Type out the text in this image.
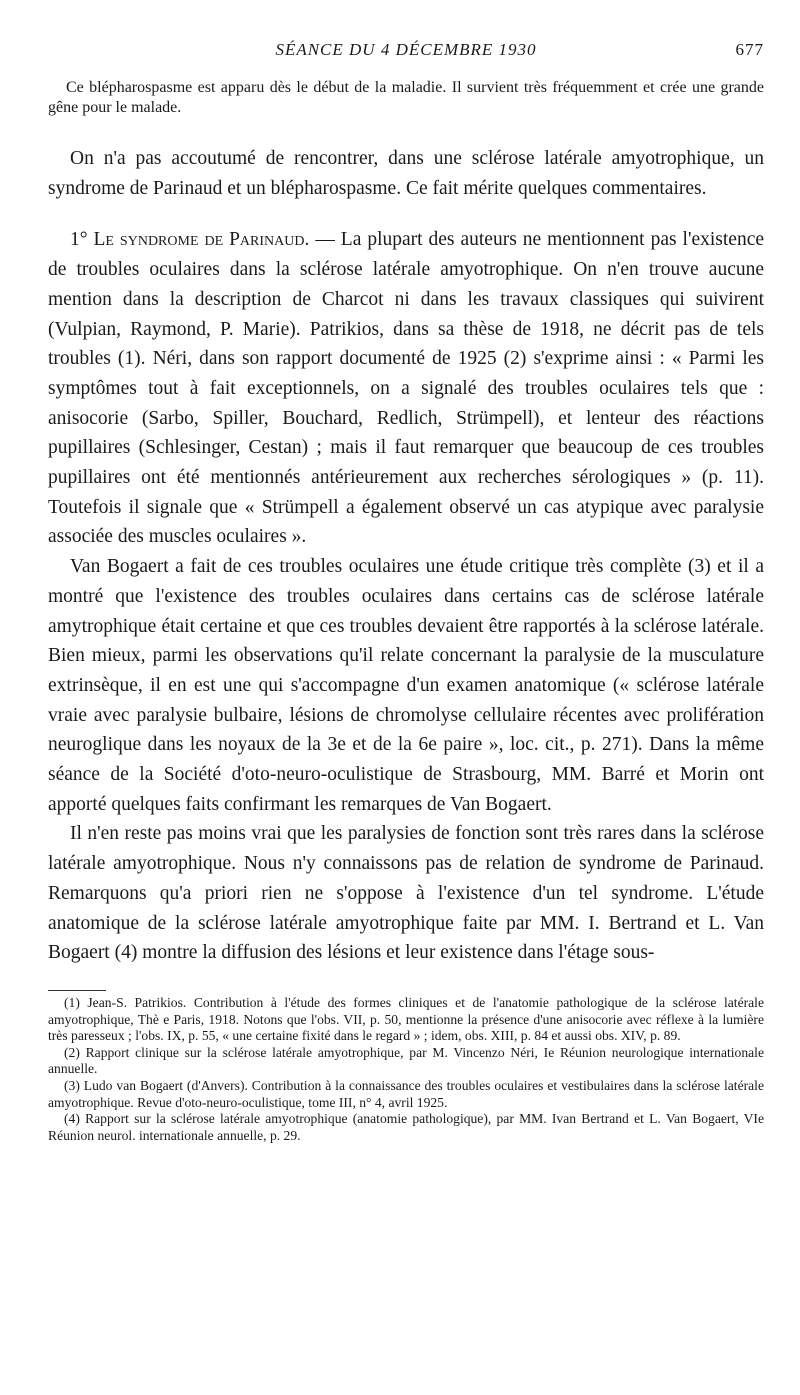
SÉANCE DU 4 DÉCEMBRE 1930	677

Ce blépharospasme est apparu dès le début de la maladie. Il survient très fréquemment et crée une grande gêne pour le malade.

On n'a pas accoutumé de rencontrer, dans une sclérose latérale amyotrophique, un syndrome de Parinaud et un blépharospasme. Ce fait mérite quelques commentaires.

1° Le syndrome de Parinaud. — La plupart des auteurs ne mentionnent pas l'existence de troubles oculaires dans la sclérose latérale amyotrophique. On n'en trouve aucune mention dans la description de Charcot ni dans les travaux classiques qui suivirent (Vulpian, Raymond, P. Marie). Patrikios, dans sa thèse de 1918, ne décrit pas de tels troubles (1). Néri, dans son rapport documenté de 1925 (2) s'exprime ainsi : « Parmi les symptômes tout à fait exceptionnels, on a signalé des troubles oculaires tels que : anisocorie (Sarbo, Spiller, Bouchard, Redlich, Strümpell), et lenteur des réactions pupillaires (Schlesinger, Cestan) ; mais il faut remarquer que beaucoup de ces troubles pupillaires ont été mentionnés antérieurement aux recherches sérologiques » (p. 11). Toutefois il signale que « Strümpell a également observé un cas atypique avec paralysie associée des muscles oculaires ».

Van Bogaert a fait de ces troubles oculaires une étude critique très complète (3) et il a montré que l'existence des troubles oculaires dans certains cas de sclérose latérale amytrophique était certaine et que ces troubles devaient être rapportés à la sclérose latérale. Bien mieux, parmi les observations qu'il relate concernant la paralysie de la musculature extrinsèque, il en est une qui s'accompagne d'un examen anatomique (« sclérose latérale vraie avec paralysie bulbaire, lésions de chromolyse cellulaire récentes avec prolifération neuroglique dans les noyaux de la 3e et de la 6e paire », loc. cit., p. 271). Dans la même séance de la Société d'oto-neuro-oculistique de Strasbourg, MM. Barré et Morin ont apporté quelques faits confirmant les remarques de Van Bogaert.

Il n'en reste pas moins vrai que les paralysies de fonction sont très rares dans la sclérose latérale amyotrophique. Nous n'y connaissons pas de relation de syndrome de Parinaud. Remarquons qu'a priori rien ne s'oppose à l'existence d'un tel syndrome. L'étude anatomique de la sclérose latérale amyotrophique faite par MM. I. Bertrand et L. Van Bogaert (4) montre la diffusion des lésions et leur existence dans l'étage sous-

(1) Jean-S. Patrikios. Contribution à l'étude des formes cliniques et de l'anatomie pathologique de la sclérose latérale amyotrophique, Thè e Paris, 1918. Notons que l'obs. VII, p. 50, mentionne la présence d'une anisocorie avec réflexe à la lumière très paresseux ; l'obs. IX, p. 55, « une certaine fixité dans le regard » ; idem, obs. XIII, p. 84 et aussi obs. XIV, p. 89.

(2) Rapport clinique sur la sclérose latérale amyotrophique, par M. Vincenzo Néri, Ie Réunion neurologique internationale annuelle.

(3) Ludo van Bogaert (d'Anvers). Contribution à la connaissance des troubles oculaires et vestibulaires dans la sclérose latérale amyotrophique. Revue d'oto-neuro-oculistique, tome III, n° 4, avril 1925.

(4) Rapport sur la sclérose latérale amyotrophique (anatomie pathologique), par MM. Ivan Bertrand et L. Van Bogaert, VIe Réunion neurol. internationale annuelle, p. 29.
